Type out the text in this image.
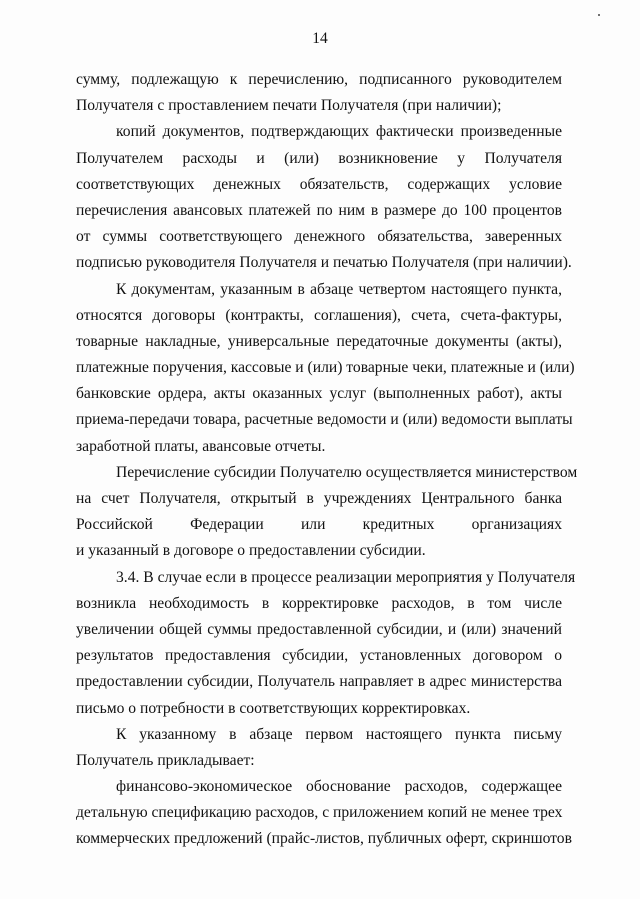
14
сумму, подлежащую к перечислению, подписанного руководителем
Получателя с проставлением печати Получателя (при наличии);
копий документов, подтверждающих фактически произведенные
Получателем расходы и (или) возникновение у Получателя
соответствующих денежных обязательств, содержащих условие
перечисления авансовых платежей по ним в размере до 100 процентов
от суммы соответствующего денежного обязательства, заверенных
подписью руководителя Получателя и печатью Получателя (при наличии).
К документам, указанным в абзаце четвертом настоящего пункта,
относятся договоры (контракты, соглашения), счета, счета-фактуры,
товарные накладные, универсальные передаточные документы (акты),
платежные поручения, кассовые и (или) товарные чеки, платежные и (или)
банковские ордера, акты оказанных услуг (выполненных работ), акты
приема-передачи товара, расчетные ведомости и (или) ведомости выплаты
заработной платы, авансовые отчеты.
Перечисление субсидии Получателю осуществляется министерством
на счет Получателя, открытый в учреждениях Центрального банка
Российской Федерации или кредитных организациях
и указанный в договоре о предоставлении субсидии.
3.4. В случае если в процессе реализации мероприятия у Получателя
возникла необходимость в корректировке расходов, в том числе
увеличении общей суммы предоставленной субсидии, и (или) значений
результатов предоставления субсидии, установленных договором о
предоставлении субсидии, Получатель направляет в адрес министерства
письмо о потребности в соответствующих корректировках.
К указанному в абзаце первом настоящего пункта письму
Получатель прикладывает:
финансово-экономическое обоснование расходов, содержащее
детальную спецификацию расходов, с приложением копий не менее трех
коммерческих предложений (прайс-листов, публичных оферт, скриншотов
